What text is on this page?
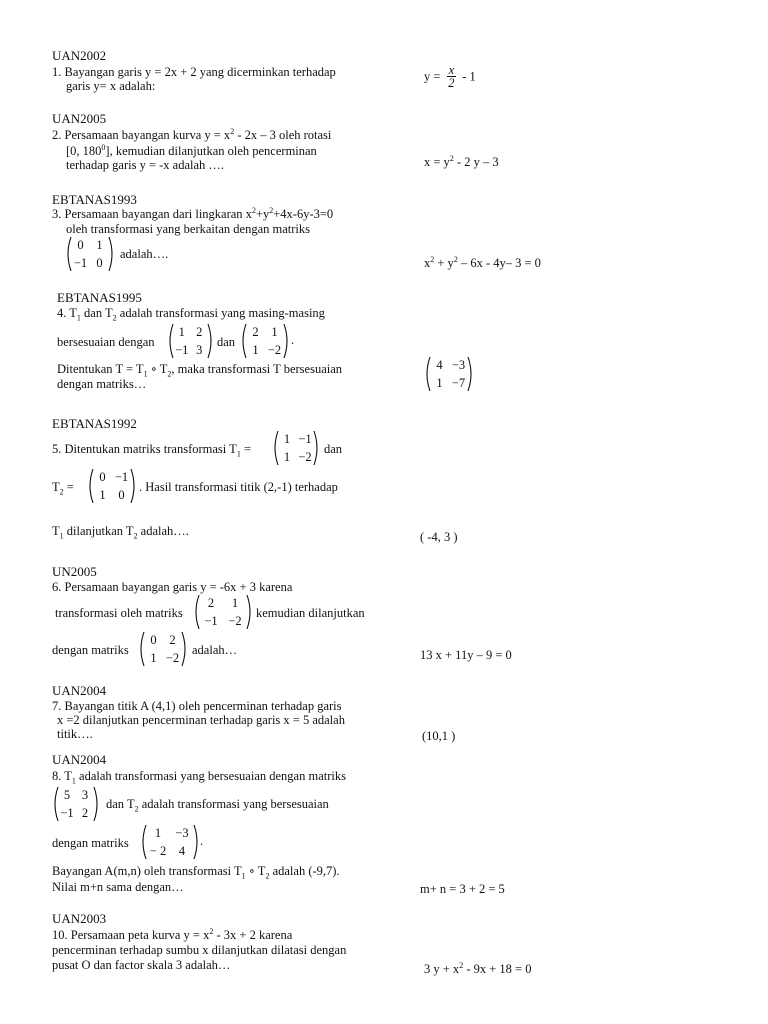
UAN2002
1. Bayangan garis y = 2x + 2 yang dicerminkan terhadap
garis y= x adalah:
$y = \frac{x}{2} - 1$
UAN2005
2. Persamaan bayangan kurva $y = x^2 - 2x - 3$ oleh rotasi
[0, $180^0$], kemudian dilanjutkan oleh pencerminan
terhadap garis y = -x adalah ….	$x = y^2 - 2$ y – 3
EBTANAS1993
3. Persamaan bayangan dari lingkaran $x^2+y^2+4x-6y-3=0$
oleh transformasi yang berkaitan dengan matriks
0	1
−1 0
adalah….
$x^2 + y^2 - 6x - 4y-$ 3 = 0
EBTANAS1995
4. $T_1$ dan $T_2$ adalah transformasi yang masing-masing
bersesuaian dengan
1 2
−1 3
dan
2	1
1 −2
.
Ditentukan $T = T_1$ ∘ $T_2$, maka transformasi T bersesuaian
dengan matriks…
4 −3
1 −7
EBTANAS1992
5. Ditentukan matriks transformasi $T_1$ =
1 −1
1 −2
dan
$T_2$ =
0 −1
1	0
. Hasil transformasi titik (2,-1) terhadap
$T_1$ dilanjutkan $T_2$ adalah….	( -4, 3 )
UN2005
6. Persamaan bayangan garis y = -6x + 3 karena
transformasi oleh matriks
2	1
−1 −2
kemudian dilanjutkan
dengan matriks
0	2
1 −2
adalah…	13 x + 11y – 9 = 0
UAN2004
7. Bayangan titik A (4,1) oleh pencerminan terhadap garis
x =2 dilanjutkan pencerminan terhadap garis x = 5 adalah
titik….	(10,1 )
UAN2004
8. $T_1$ adalah transformasi yang bersesuaian dengan matriks
5 3
−1 2
dan $T_2$ adalah transformasi yang bersesuaian
dengan matriks
1	−3
− 2	4
.
Bayangan A(m,n) oleh transformasi $T_1$ ∘ $T_2$ adalah (-9,7).
Nilai m+n sama dengan…	m+ n = 3 + 2 = 5
UAN2003
10. Persamaan peta kurva $y = x^2 - 3x + 2$ karena
pencerminan terhadap sumbu x dilanjutkan dilatasi dengan
pusat O dan factor skala 3 adalah…	3 $y + x^2 - 9x + 18 = 0$
